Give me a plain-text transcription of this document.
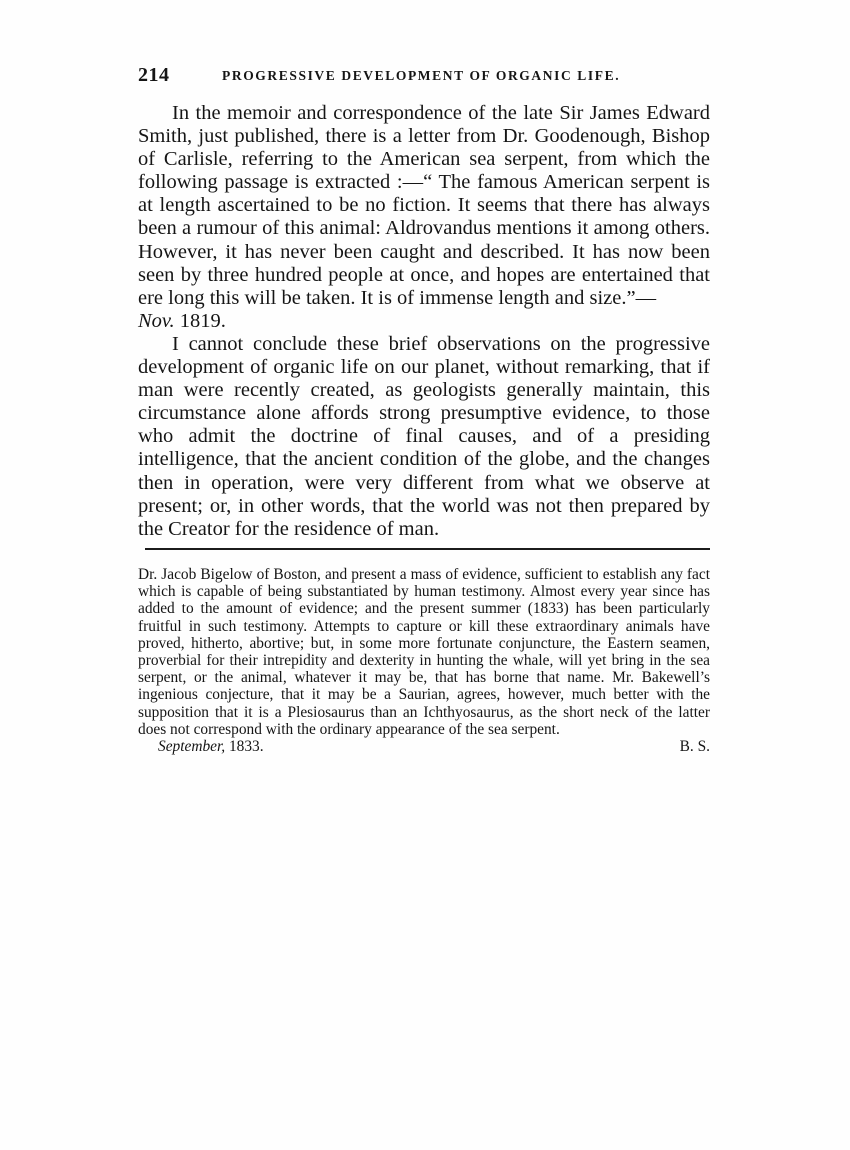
214	PROGRESSIVE DEVELOPMENT OF ORGANIC LIFE.

In the memoir and correspondence of the late Sir James Edward Smith, just published, there is a letter from Dr. Goodenough, Bishop of Carlisle, referring to the American sea serpent, from which the following passage is extracted :—“ The famous American serpent is at length ascertained to be no fiction. It seems that there has always been a rumour of this animal: Aldrovandus mentions it among others. However, it has never been caught and described. It has now been seen by three hundred people at once, and hopes are entertained that ere long this will be taken. It is of immense length and size.”—

Nov. 1819.

I cannot conclude these brief observations on the progressive development of organic life on our planet, without remarking, that if man were recently created, as geologists generally maintain, this circumstance alone affords strong presumptive evidence, to those who admit the doctrine of final causes, and of a presiding intelligence, that the ancient condition of the globe, and the changes then in operation, were very different from what we observe at present; or, in other words, that the world was not then prepared by the Creator for the residence of man.

Dr. Jacob Bigelow of Boston, and present a mass of evidence, sufficient to establish any fact which is capable of being substantiated by human testimony. Almost every year since has added to the amount of evidence; and the present summer (1833) has been particularly fruitful in such testimony. Attempts to capture or kill these extraordinary animals have proved, hitherto, abortive; but, in some more fortunate conjuncture, the Eastern seamen, proverbial for their intrepidity and dexterity in hunting the whale, will yet bring in the sea serpent, or the animal, whatever it may be, that has borne that name. Mr. Bakewell’s ingenious conjecture, that it may be a Saurian, agrees, however, much better with the supposition that it is a Plesiosaurus than an Ichthyosaurus, as the short neck of the latter does not correspond with the ordinary appearance of the sea serpent.

September, 1833.	B. S.
